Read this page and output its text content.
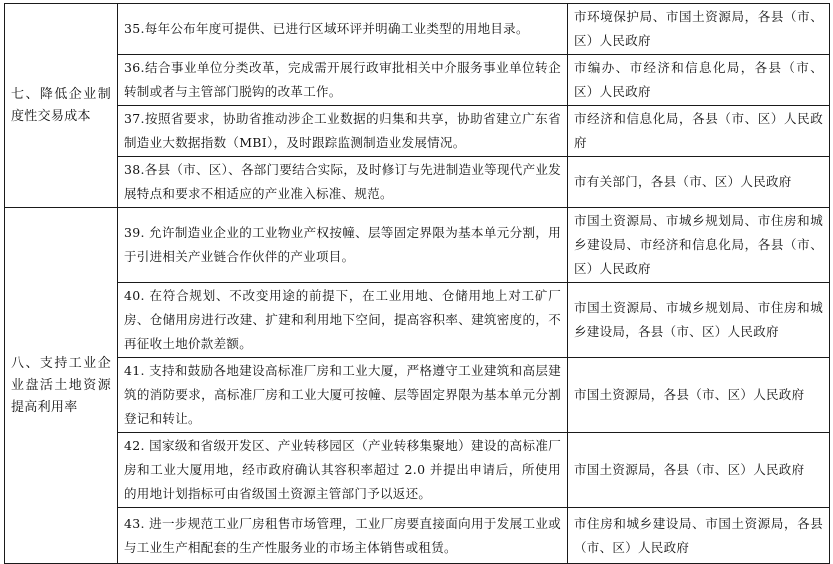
七、降低企业制度性交易成本	35.每年公布年度可提供、已进行区域环评并明确工业类型的用地目录。	市环境保护局、市国土资源局，各县（市、区）人民政府
	36.结合事业单位分类改革，完成需开展行政审批相关中介服务事业单位转企转制或者与主管部门脱钩的改革工作。	市编办、市经济和信息化局，各县（市、区）人民政府
	37.按照省要求，协助省推动涉企工业数据的归集和共享，协助省建立广东省制造业大数据指数（MBI），及时跟踪监测制造业发展情况。	市经济和信息化局，各县（市、区）人民政府
	38.各县（市、区）、各部门要结合实际，及时修订与先进制造业等现代产业发展特点和要求不相适应的产业准入标准、规范。	市有关部门，各县（市、区）人民政府
八、支持工业企业盘活土地资源提高利用率	39. 允许制造业企业的工业物业产权按幢、层等固定界限为基本单元分割，用于引进相关产业链合作伙伴的产业项目。	市国土资源局、市城乡规划局、市住房和城乡建设局、市经济和信息化局，各县（市、区）人民政府
	40. 在符合规划、不改变用途的前提下，在工业用地、仓储用地上对工矿厂房、仓储用房进行改建、扩建和利用地下空间，提高容积率、建筑密度的，不再征收土地价款差额。	市国土资源局、市城乡规划局、市住房和城乡建设局，各县（市、区）人民政府
	41. 支持和鼓励各地建设高标准厂房和工业大厦，严格遵守工业建筑和高层建筑的消防要求，高标准厂房和工业大厦可按幢、层等固定界限为基本单元分割登记和转让。	市国土资源局，各县（市、区）人民政府
	42. 国家级和省级开发区、产业转移园区（产业转移集聚地）建设的高标准厂房和工业大厦用地，经市政府确认其容积率超过 2.0 并提出申请后，所使用的用地计划指标可由省级国土资源主管部门予以返还。	市国土资源局，各县（市、区）人民政府
	43. 进一步规范工业厂房租售市场管理，工业厂房要直接面向用于发展工业或与工业生产相配套的生产性服务业的市场主体销售或租赁。	市住房和城乡建设局、市国土资源局，各县（市、区）人民政府
